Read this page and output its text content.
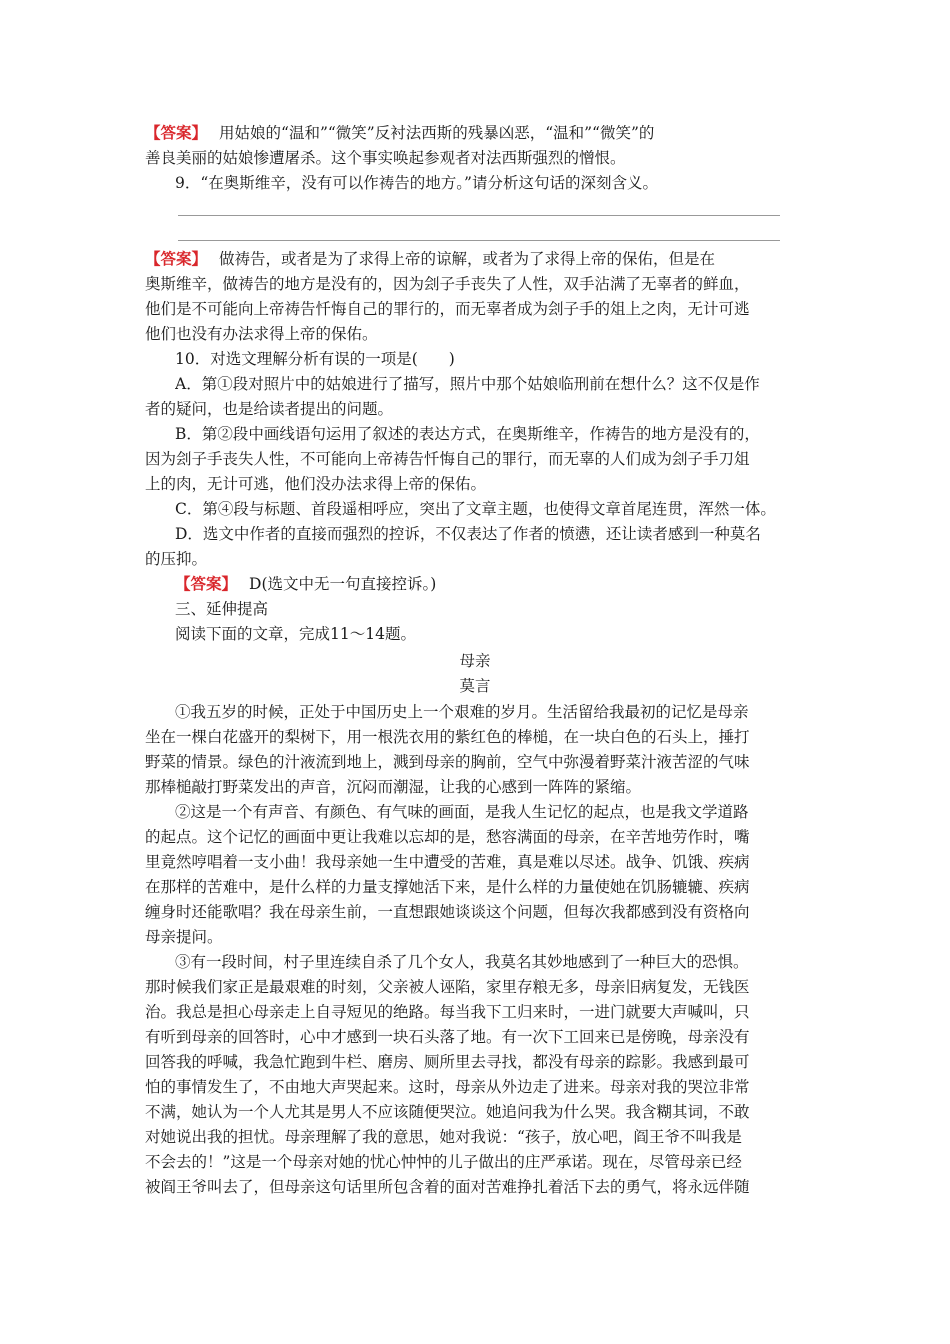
【答案】 用姑娘的“温和”“微笑”反衬法西斯的残暴凶恶，“温和”“微笑”的
善良美丽的姑娘惨遭屠杀。这个事实唤起参观者对法西斯强烈的憎恨。
9．“在奥斯维辛，没有可以作祷告的地方。”请分析这句话的深刻含义。
【答案】 做祷告，或者是为了求得上帝的谅解，或者为了求得上帝的保佑，但是在
奥斯维辛，做祷告的地方是没有的，因为刽子手丧失了人性，双手沾满了无辜者的鲜血，
他们是不可能向上帝祷告忏悔自己的罪行的，而无辜者成为刽子手的俎上之肉，无计可逃
他们也没有办法求得上帝的保佑。
10．对选文理解分析有误的一项是(　　)
A．第①段对照片中的姑娘进行了描写，照片中那个姑娘临刑前在想什么？这不仅是作
者的疑问，也是给读者提出的问题。
B．第②段中画线语句运用了叙述的表达方式，在奥斯维辛，作祷告的地方是没有的，
因为刽子手丧失人性，不可能向上帝祷告忏悔自己的罪行，而无辜的人们成为刽子手刀俎
上的肉，无计可逃，他们没办法求得上帝的保佑。
C．第④段与标题、首段遥相呼应，突出了文章主题，也使得文章首尾连贯，浑然一体。
D．选文中作者的直接而强烈的控诉，不仅表达了作者的愤懑，还让读者感到一种莫名
的压抑。
【答案】 D(选文中无一句直接控诉。)
三、延伸提高
阅读下面的文章，完成11～14题。
母亲
莫言
①我五岁的时候，正处于中国历史上一个艰难的岁月。生活留给我最初的记忆是母亲
坐在一棵白花盛开的梨树下，用一根洗衣用的紫红色的棒槌，在一块白色的石头上，捶打
野菜的情景。绿色的汁液流到地上，溅到母亲的胸前，空气中弥漫着野菜汁液苦涩的气味
那棒槌敲打野菜发出的声音，沉闷而潮湿，让我的心感到一阵阵的紧缩。
②这是一个有声音、有颜色、有气味的画面，是我人生记忆的起点，也是我文学道路
的起点。这个记忆的画面中更让我难以忘却的是，愁容满面的母亲，在辛苦地劳作时，嘴
里竟然哼唱着一支小曲！我母亲她一生中遭受的苦难，真是难以尽述。战争、饥饿、疾病
在那样的苦难中，是什么样的力量支撑她活下来，是什么样的力量使她在饥肠辘辘、疾病
缠身时还能歌唱？我在母亲生前，一直想跟她谈谈这个问题，但每次我都感到没有资格向
母亲提问。
③有一段时间，村子里连续自杀了几个女人，我莫名其妙地感到了一种巨大的恐惧。
那时候我们家正是最艰难的时刻，父亲被人诬陷，家里存粮无多，母亲旧病复发，无钱医
治。我总是担心母亲走上自寻短见的绝路。每当我下工归来时，一进门就要大声喊叫，只
有听到母亲的回答时，心中才感到一块石头落了地。有一次下工回来已是傍晚，母亲没有
回答我的呼喊，我急忙跑到牛栏、磨房、厕所里去寻找，都没有母亲的踪影。我感到最可
怕的事情发生了，不由地大声哭起来。这时，母亲从外边走了进来。母亲对我的哭泣非常
不满，她认为一个人尤其是男人不应该随便哭泣。她追问我为什么哭。我含糊其词，不敢
对她说出我的担忧。母亲理解了我的意思，她对我说：“孩子，放心吧，阎王爷不叫我是
不会去的！”这是一个母亲对她的忧心忡忡的儿子做出的庄严承诺。现在，尽管母亲已经
被阎王爷叫去了，但母亲这句话里所包含着的面对苦难挣扎着活下去的勇气，将永远伴随
